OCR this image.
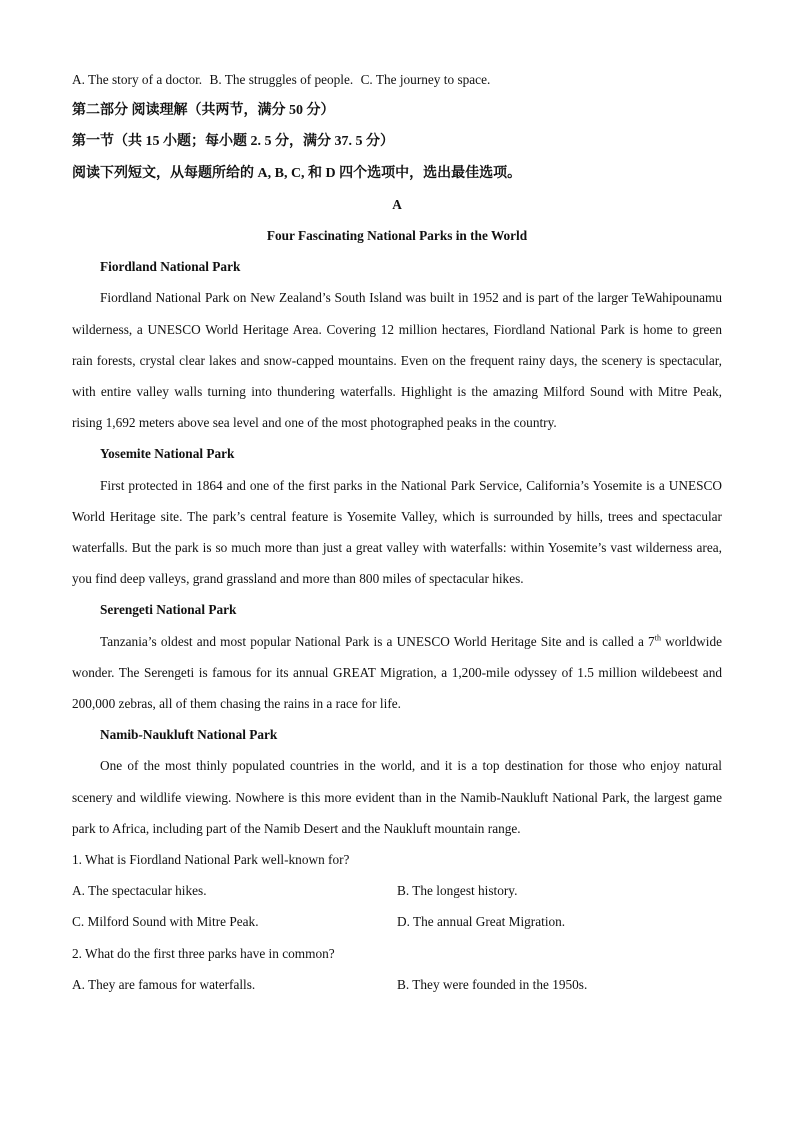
A. The story of a doctor. B. The struggles of people. C. The journey to space.
第二部分 阅读理解（共两节，满分 50 分）
第一节（共 15 小题；每小题 2. 5 分，满分 37. 5 分）
阅读下列短文，从每题所给的 A, B, C, 和 D 四个选项中，选出最佳选项。
A
Four Fascinating National Parks in the World
Fiordland National Park
Fiordland National Park on New Zealand’s South Island was built in 1952 and is part of the larger TeWahipounamu wilderness, a UNESCO World Heritage Area. Covering 12 million hectares, Fiordland National Park is home to green rain forests, crystal clear lakes and snow-capped mountains. Even on the frequent rainy days, the scenery is spectacular, with entire valley walls turning into thundering waterfalls. Highlight is the amazing Milford Sound with Mitre Peak, rising 1,692 meters above sea level and one of the most photographed peaks in the country.
Yosemite National Park
First protected in 1864 and one of the first parks in the National Park Service, California’s Yosemite is a UNESCO World Heritage site. The park’s central feature is Yosemite Valley, which is surrounded by hills, trees and spectacular waterfalls. But the park is so much more than just a great valley with waterfalls: within Yosemite’s vast wilderness area, you find deep valleys, grand grassland and more than 800 miles of spectacular hikes.
Serengeti National Park
Tanzania’s oldest and most popular National Park is a UNESCO World Heritage Site and is called a 7th worldwide wonder. The Serengeti is famous for its annual GREAT Migration, a 1,200-mile odyssey of 1.5 million wildebeest and 200,000 zebras, all of them chasing the rains in a race for life.
Namib-Naukluft National Park
One of the most thinly populated countries in the world, and it is a top destination for those who enjoy natural scenery and wildlife viewing. Nowhere is this more evident than in the Namib-Naukluft National Park, the largest game park to Africa, including part of the Namib Desert and the Naukluft mountain range.
1. What is Fiordland National Park well-known for?
A. The spectacular hikes.	B. The longest history.
C. Milford Sound with Mitre Peak.	D. The annual Great Migration.
2. What do the first three parks have in common?
A. They are famous for waterfalls.	B. They were founded in the 1950s.
